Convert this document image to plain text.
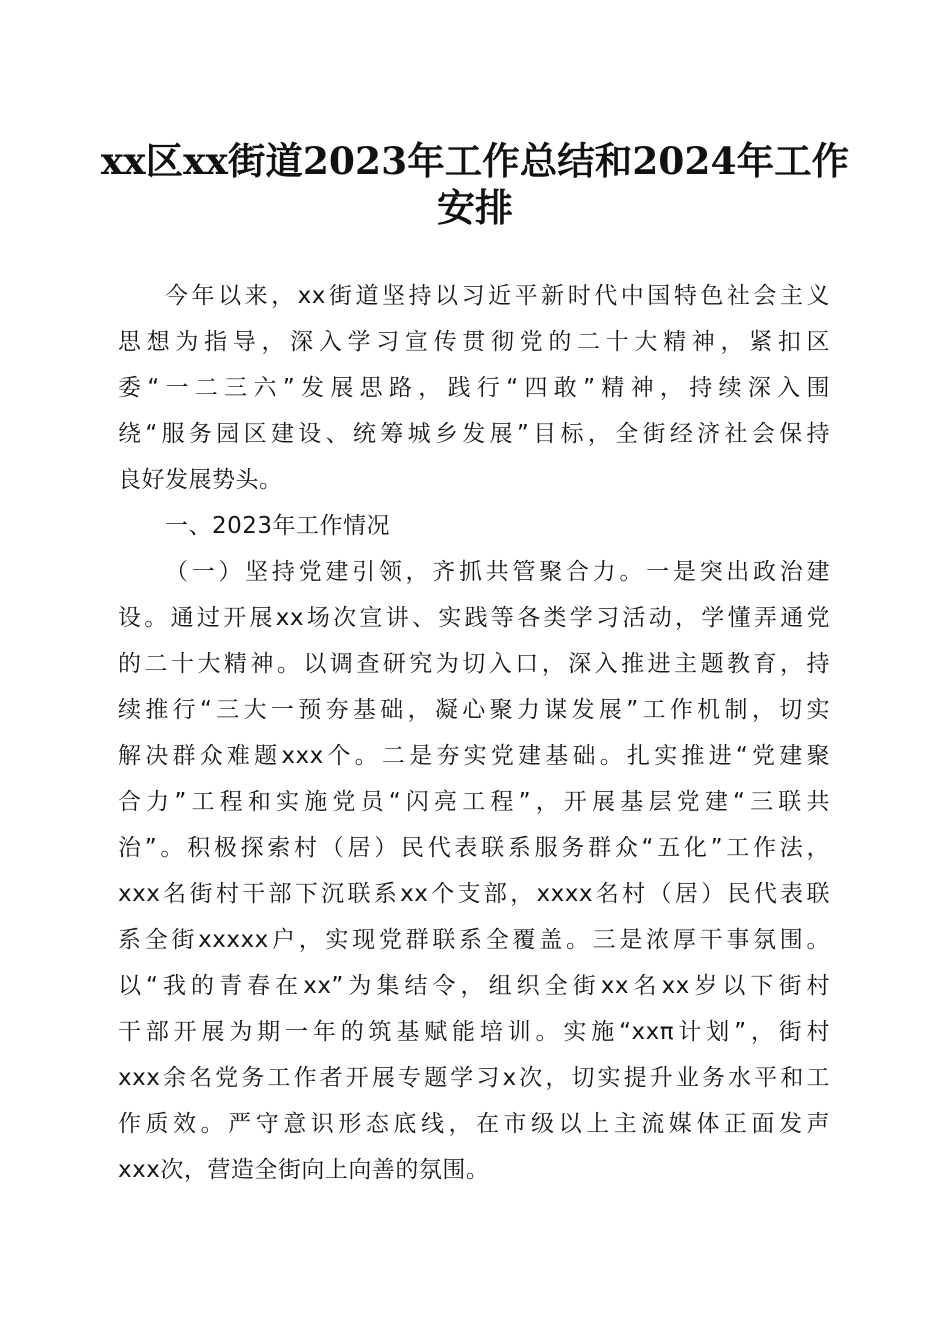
xx区xx街道2023年工作总结和2024年工作
安排
今年以来，xx街道坚持以习近平新时代中国特色社会主义
思想为指导，深入学习宣传贯彻党的二十大精神，紧扣区
委“一二三六”发展思路，践行“四敢”精神，持续深入围
绕“服务园区建设、统筹城乡发展”目标，全街经济社会保持
良好发展势头。
一、2023年工作情况
（一）坚持党建引领，齐抓共管聚合力。一是突出政治建
设。通过开展xx场次宣讲、实践等各类学习活动，学懂弄通党
的二十大精神。以调查研究为切入口，深入推进主题教育，持
续推行“三大一预夯基础，凝心聚力谋发展”工作机制，切实
解决群众难题xxx个。二是夯实党建基础。扎实推进“党建聚
合力”工程和实施党员“闪亮工程”，开展基层党建“三联共
治”。积极探索村（居）民代表联系服务群众“五化”工作法，
xxx名街村干部下沉联系xx个支部，xxxx名村（居）民代表联
系全街xxxxx户，实现党群联系全覆盖。三是浓厚干事氛围。
以“我的青春在xx”为集结令，组织全街xx名xx岁以下街村
干部开展为期一年的筑基赋能培训。实施“xxπ计划”，街村
xxx余名党务工作者开展专题学习x次，切实提升业务水平和工
作质效。严守意识形态底线，在市级以上主流媒体正面发声
xxx次，营造全街向上向善的氛围。
